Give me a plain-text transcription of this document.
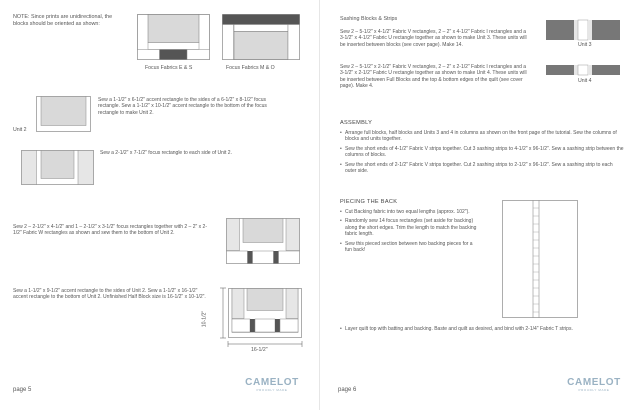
NOTE: Since prints are unidirectional, the blocks should be oriented as shown:
Focus Fabrics E & S	Focus Fabrics M & O
Unit 2
Sew a 1-1/2" x 6-1/2" accent rectangle to the sides of a 6-1/2" x 8-1/2" focus rectangle. Sew a 1-1/2" x 10-1/2" accent rectangle to the bottom of the focus rectangle to make Unit 2.
Sew a 2-1/2" x 7-1/2" focus rectangle to each side of Unit 2.
Sew 2 – 2-1/2" x 4-1/2" and 1 – 2-1/2" x 3-1/2" focus rectangles together with 2 – 2" x 2-1/2" Fabric W rectangles as shown and sew them to the bottom of Unit 2.
Sew a 1-1/2" x 9-1/2" accent rectangle to the sides of Unit 2. Sew a 1-1/2" x 16-1/2" accent rectangle to the bottom of Unit 2. Unfinished Half Block size is 16-1/2" x 10-1/2".
10-1/2"
16-1/2"
page 5
CAMELOT
PROUDLY MADE
Sashing Blocks & Strips
Sew 2 – 5-1/2" x 4-1/2" Fabric V rectangles, 2 – 2" x 4-1/2" Fabric I rectangles and a 3-1/2" x 4-1/2" Fabric U rectangle together as shown to make Unit 3. These units will be inserted between blocks (see cover page). Make 14.
Sew 2 – 5-1/2" x 2-1/2" Fabric V rectangles, 2 – 2" x 2-1/2" Fabric I rectangles and a 3-1/2" x 2-1/2" Fabric U rectangle together as shown to make Unit 4. These units will be inserted between Full Blocks and the top & bottom edges of the quilt (see cover page). Make 4.
Unit 3
Unit 4
ASSEMBLY
• Arrange full blocks, half blocks and Units 3 and 4 in columns as shown on the front page of the tutorial. Sew the columns of blocks and units together.
• Sew the short ends of 4-1/2" Fabric V strips together. Cut 3 sashing strips to 4-1/2" x 96-1/2". Sew a sashing strip between the columns of blocks.
• Sew the short ends of 2-1/2" Fabric V strips together. Cut 2 sashing strips to 2-1/2" x 96-1/2". Sew a sashing strip to each outer side.
PIECING THE BACK
• Cut Backing fabric into two equal lengths (approx. 102").
• Randomly sew 14 focus rectangles (set aside for backing) along the short edges. Trim the length to match the backing fabric length.
• Sew this pieced section between two backing pieces for a fun back!
• Layer quilt top with batting and backing. Baste and quilt as desired, and bind with 2-1/4" Fabric T strips.
page 6
CAMELOT
PROUDLY MADE
